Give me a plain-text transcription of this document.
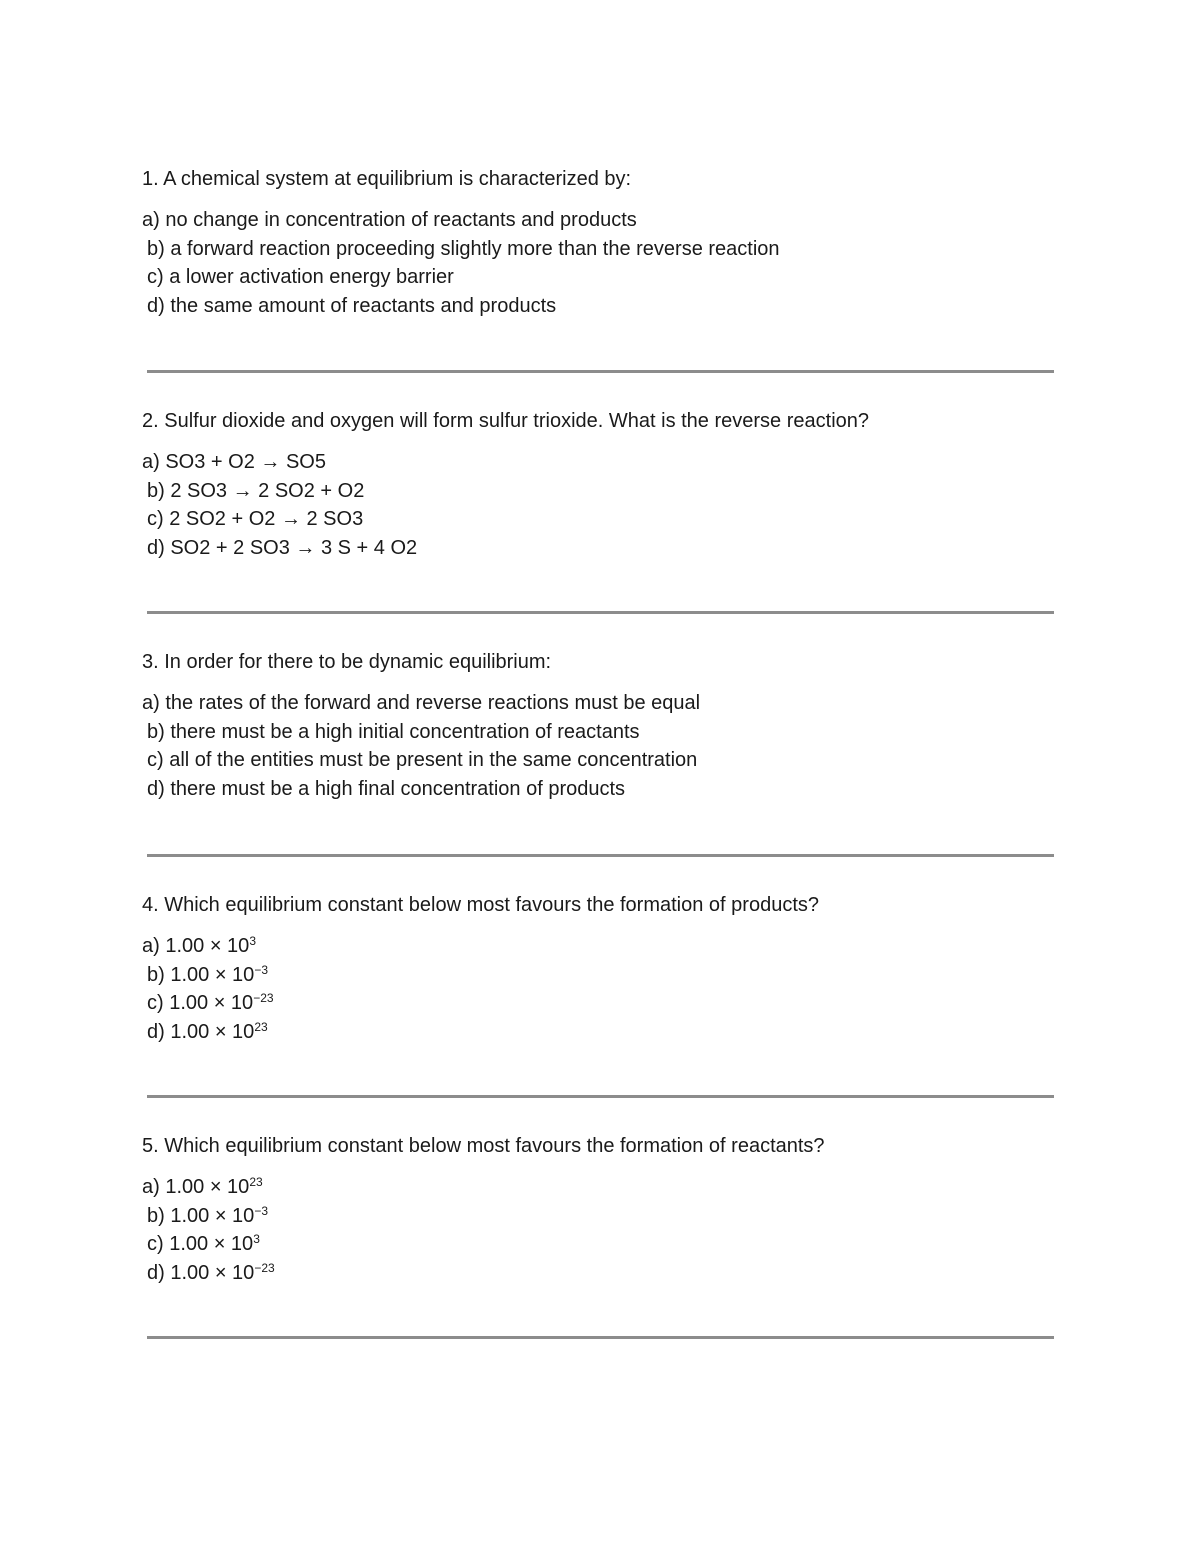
1. A chemical system at equilibrium is characterized by:
a) no change in concentration of reactants and products
b) a forward reaction proceeding slightly more than the reverse reaction
c) a lower activation energy barrier
d) the same amount of reactants and products
2. Sulfur dioxide and oxygen will form sulfur trioxide. What is the reverse reaction?
a) SO3 + O2 → SO5
b) 2 SO3 → 2 SO2 + O2
c) 2 SO2 + O2 → 2 SO3
d) SO2 + 2 SO3 → 3 S + 4 O2
3. In order for there to be dynamic equilibrium:
a) the rates of the forward and reverse reactions must be equal
b) there must be a high initial concentration of reactants
c) all of the entities must be present in the same concentration
d) there must be a high final concentration of products
4. Which equilibrium constant below most favours the formation of products?
a) $1.00 \times 10^3$
b) $1.00 \times 10^{-3}$
c) $1.00 \times 10^{-23}$
d) $1.00 \times 10^{23}$
5. Which equilibrium constant below most favours the formation of reactants?
a) $1.00 \times 10^{23}$
b) $1.00 \times 10^{-3}$
c) $1.00 \times 10^3$
d) $1.00 \times 10^{-23}$
